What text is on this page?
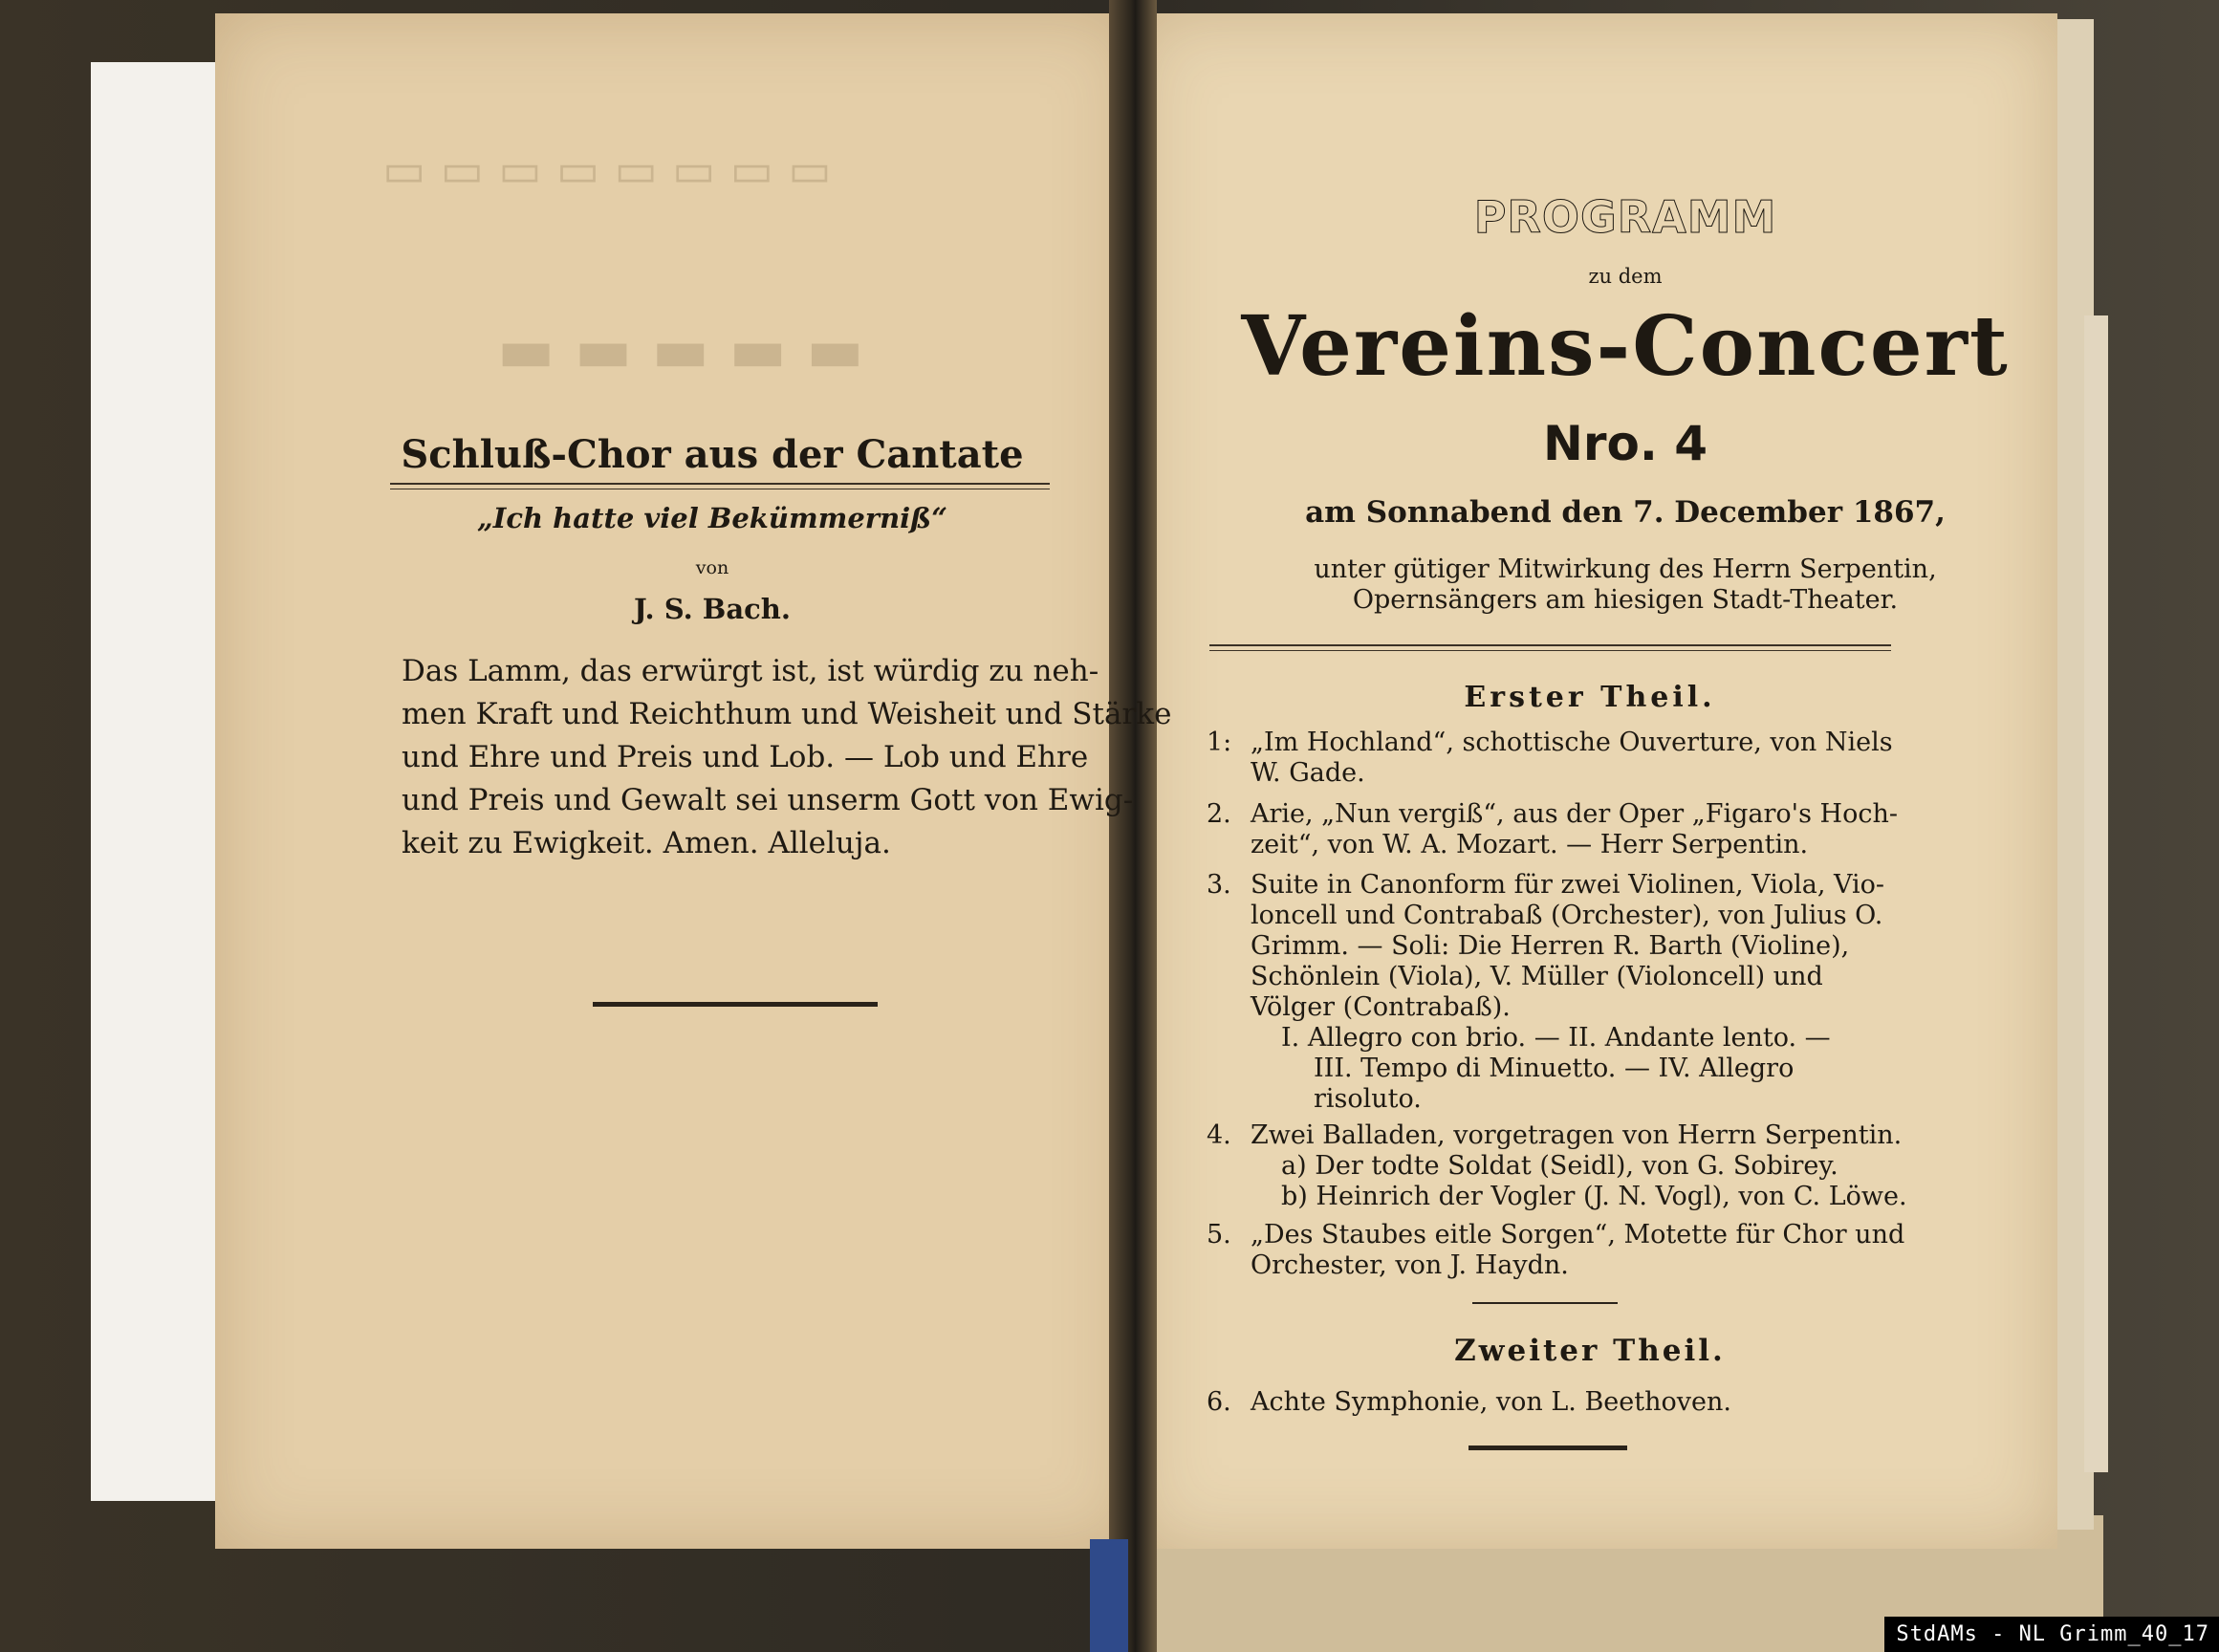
▭ ▭ ▭ ▭ ▭ ▭ ▭ ▭
▬ ▬ ▬ ▬ ▬
Schluß-Chor aus der Cantate
„Ich hatte viel Bekümmerniß“
von
J. S. Bach.
Das Lamm, das erwürgt ist, ist würdig zu neh-
men Kraft und Reichthum und Weisheit und Stärke
und Ehre und Preis und Lob. — Lob und Ehre
und Preis und Gewalt sei unserm Gott von Ewig-
keit zu Ewigkeit. Amen. Alleluja.
PROGRAMM
zu dem
Vereins-Concert
Nro. 4
am Sonnabend den 7. December 1867,
unter gütiger Mitwirkung des Herrn Serpentin,
Opernsängers am hiesigen Stadt-Theater.
Erster Theil.
1: „Im Hochland“, schottische Ouverture, von Niels
W. Gade.
2. Arie, „Nun vergiß“, aus der Oper „Figaro's Hoch-
zeit“, von W. A. Mozart. — Herr Serpentin.
3. Suite in Canonform für zwei Violinen, Viola, Vio-
loncell und Contrabaß (Orchester), von Julius O.
Grimm. — Soli: Die Herren R. Barth (Violine),
Schönlein (Viola), V. Müller (Violoncell) und
Völger (Contrabaß).
I. Allegro con brio. — II. Andante lento. —
III. Tempo di Minuetto. — IV. Allegro
risoluto.
4. Zwei Balladen, vorgetragen von Herrn Serpentin.
a) Der todte Soldat (Seidl), von G. Sobirey.
b) Heinrich der Vogler (J. N. Vogl), von C. Löwe.
5. „Des Staubes eitle Sorgen“, Motette für Chor und
Orchester, von J. Haydn.
Zweiter Theil.
6. Achte Symphonie, von L. Beethoven.
StdAMs - NL Grimm_40_17
